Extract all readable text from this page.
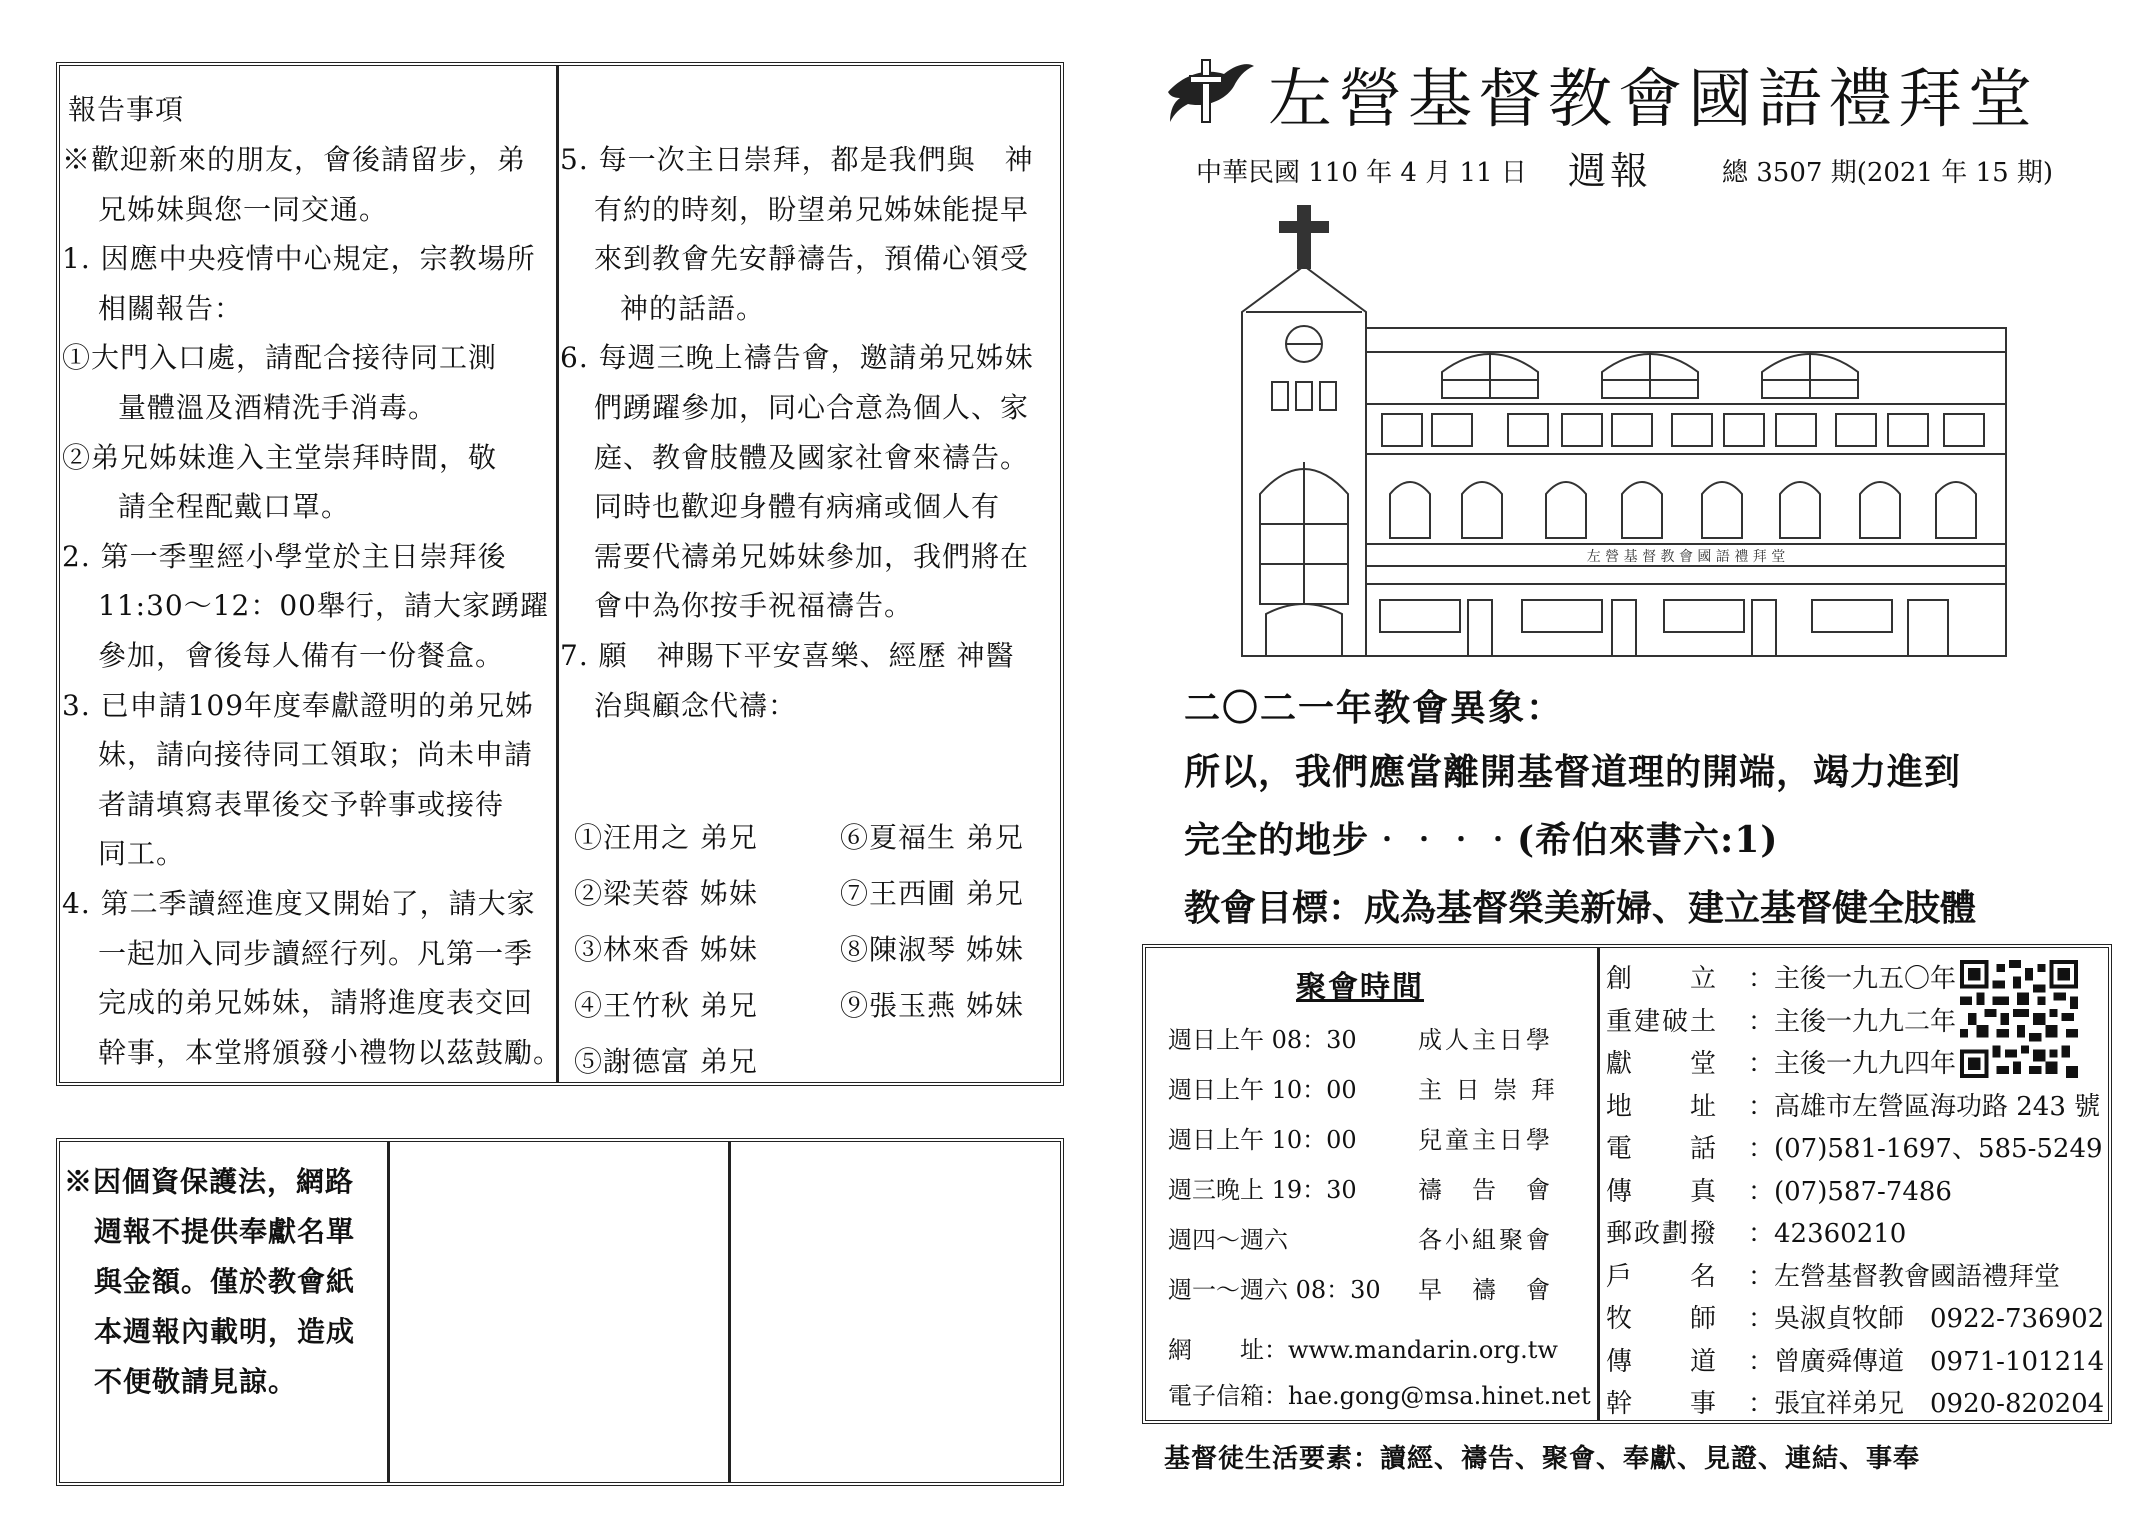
報告事項
※歡迎新來的朋友，會後請留步，弟
兄姊妹與您一同交通。
1. 因應中央疫情中心規定，宗教場所
相關報告：
①大門入口處，請配合接待同工測
量體溫及酒精洗手消毒。
②弟兄姊妹進入主堂崇拜時間，敬
請全程配戴口罩。
2. 第一季聖經小學堂於主日崇拜後
11:30～12：00舉行，請大家踴躍
參加，會後每人備有一份餐盒。
3. 已申請109年度奉獻證明的弟兄姊
妹，請向接待同工領取；尚未申請
者請填寫表單後交予幹事或接待
同工。
4. 第二季讀經進度又開始了，請大家
一起加入同步讀經行列。凡第一季
完成的弟兄姊妹，請將進度表交回
幹事，本堂將頒發小禮物以茲鼓勵。
5. 每一次主日崇拜，都是我們與　神
有約的時刻，盼望弟兄姊妹能提早
來到教會先安靜禱告，預備心領受
神的話語。
6. 每週三晚上禱告會，邀請弟兄姊妹
們踴躍參加，同心合意為個人、家
庭、教會肢體及國家社會來禱告。
同時也歡迎身體有病痛或個人有
需要代禱弟兄姊妹參加，我們將在
會中為你按手祝福禱告。
7. 願　神賜下平安喜樂、經歷 神醫
治與顧念代禱：
①汪用之 弟兄	⑥夏福生 弟兄
②梁芙蓉 姊妹	⑦王西圃 弟兄
③林來香 姊妹	⑧陳淑琴 姊妹
④王竹秋 弟兄	⑨張玉燕 姊妹
⑤謝德富 弟兄
※因個資保護法，網路
週報不提供奉獻名單
與金額。僅於教會紙
本週報內載明，造成
不便敬請見諒。
左營基督教會國語禮拜堂
中華民國 110 年 4 月 11 日 週報	總 3507 期(2021 年 15 期)
左 營 基 督 教 會 國 語 禮 拜 堂
二〇二一年教會異象：
所以，我們應當離開基督道理的開端，竭力進到
完全的地步‧‧‧‧(希伯來書六:1)
教會目標：成為基督榮美新婦、建立基督健全肢體
聚會時間
週日上午 08：30	成人主日學
週日上午 10：00	主 日 崇 拜
週日上午 10：00	兒童主日學
週三晚上 19：30	禱　告　會
週四～週六	各小組聚會
週一～週六 08：30 早　禱　會
網　　址：www.mandarin.org.tw
電子信箱：hae.gong@msa.hinet.net
創　　立	：主後一九五〇年
重建破土	：主後一九九二年
獻　　堂	：主後一九九四年
地　　址	：高雄市左營區海功路 243 號
電　　話	：(07)581-1697、585-5249
傳　　真	：(07)587-7486
郵政劃撥	：42360210
戶　　名	：左營基督教會國語禮拜堂
牧　　師	：吳淑貞牧師　0922-736902
傳　　道	：曾廣舜傳道　0971-101214
幹　　事	：張宜祥弟兄　0920-820204
基督徒生活要素：讀經、禱告、聚會、奉獻、見證、連結、事奉
